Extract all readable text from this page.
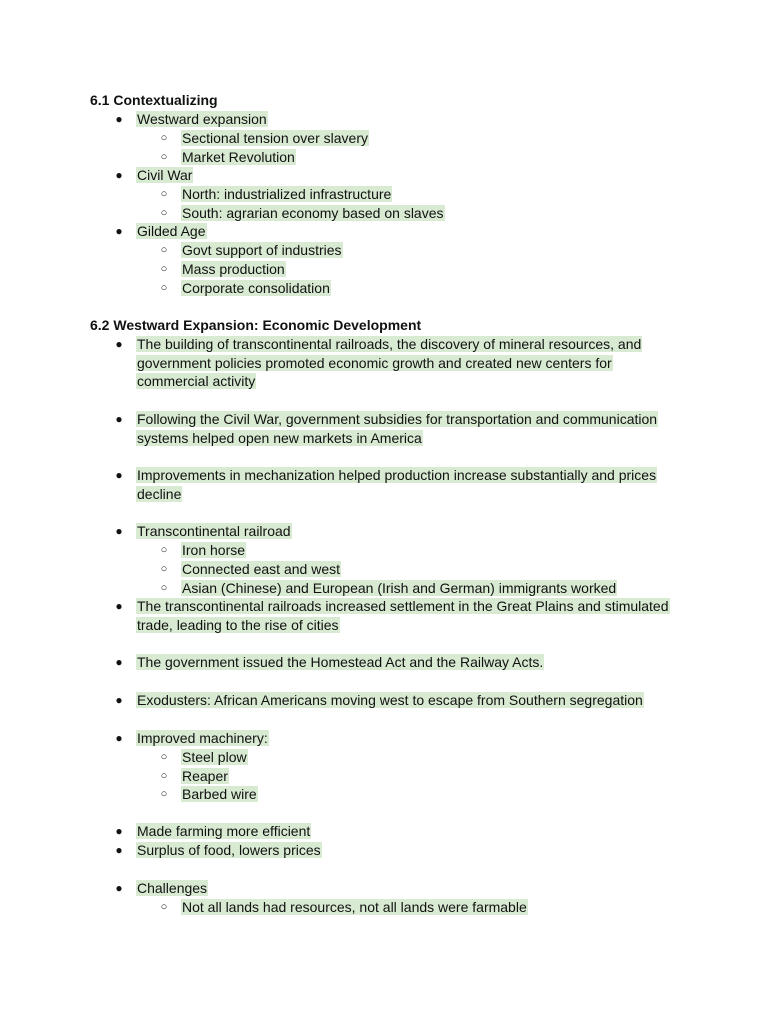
6.1 Contextualizing
● Westward expansion
○ Sectional tension over slavery
○ Market Revolution
● Civil War
○ North: industrialized infrastructure
○ South: agrarian economy based on slaves
● Gilded Age
○ Govt support of industries
○ Mass production
○ Corporate consolidation
6.2 Westward Expansion: Economic Development
● The building of transcontinental railroads, the discovery of mineral resources, and government policies promoted economic growth and created new centers for commercial activity
● Following the Civil War, government subsidies for transportation and communication systems helped open new markets in America
● Improvements in mechanization helped production increase substantially and prices decline
● Transcontinental railroad
○ Iron horse
○ Connected east and west
○ Asian (Chinese) and European (Irish and German) immigrants worked
● The transcontinental railroads increased settlement in the Great Plains and stimulated trade, leading to the rise of cities
● The government issued the Homestead Act and the Railway Acts.
● Exodusters: African Americans moving west to escape from Southern segregation
● Improved machinery:
○ Steel plow
○ Reaper
○ Barbed wire
● Made farming more efficient
● Surplus of food, lowers prices
● Challenges
○ Not all lands had resources, not all lands were farmable
